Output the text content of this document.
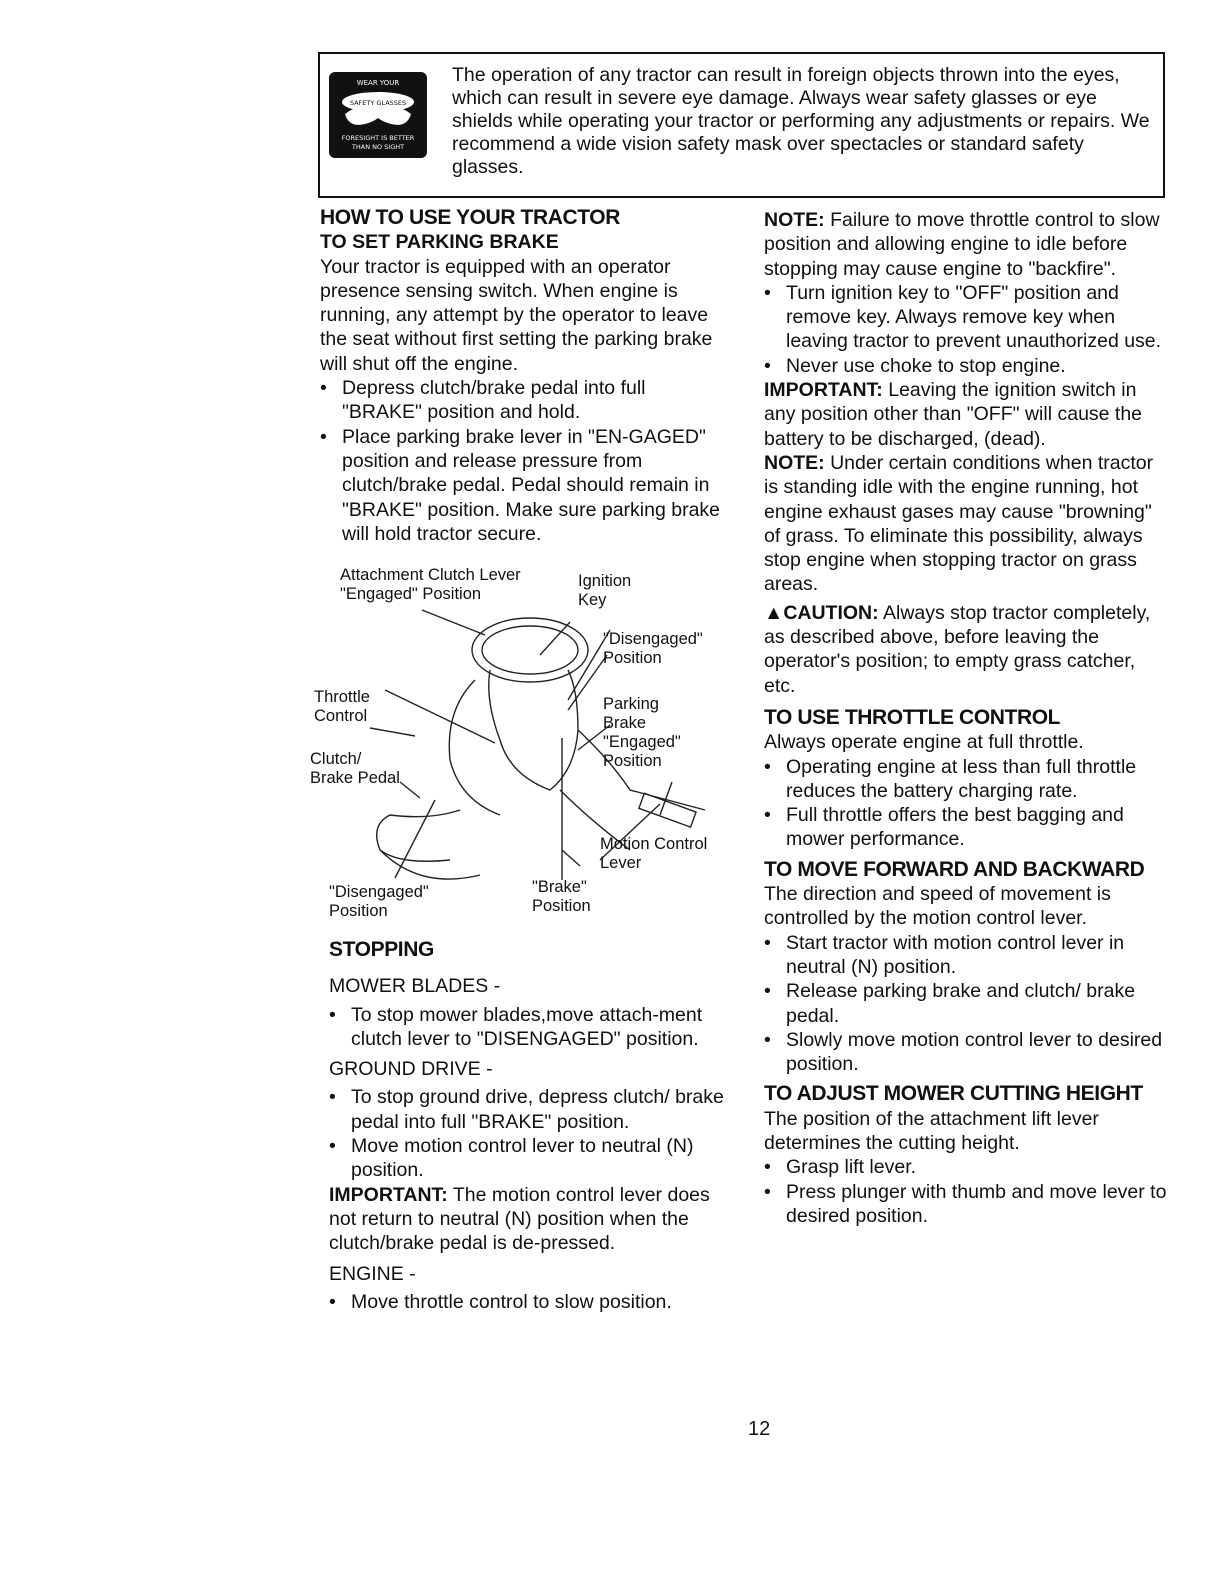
WEAR YOUR
SAFETY GLASSES
FORESIGHT IS BETTER
THAN NO SIGHT
The operation of any tractor can result in foreign objects thrown into the eyes, which can result in severe eye damage. Always wear safety glasses or eye shields while operating your tractor or performing any adjustments or repairs. We recommend a wide vision safety mask over spectacles or standard safety glasses.
HOW TO USE YOUR TRACTOR
TO SET PARKING BRAKE
Your tractor is equipped with an operator presence sensing switch. When engine is running, any attempt by the operator to leave the seat without first setting the parking brake will shut off the engine.
• Depress clutch/brake pedal into full "BRAKE" position and hold.
• Place parking brake lever in "EN-GAGED" position and release pressure from clutch/brake pedal. Pedal should remain in "BRAKE" position. Make sure parking brake will hold tractor secure.
Attachment Clutch Lever
"Engaged" Position
Ignition
Key
"Disengaged"
Position
Parking
Brake
"Engaged"
Position
Throttle
Control
Clutch/
Brake Pedal
Motion Control
Lever
"Brake"
Position
"Disengaged"
Position
STOPPING
MOWER BLADES -
• To stop mower blades,move attach-ment clutch lever to "DISENGAGED" position.
GROUND DRIVE -
• To stop ground drive, depress clutch/ brake pedal into full "BRAKE" position.
• Move motion control lever to neutral (N) position.
IMPORTANT: The motion control lever does not return to neutral (N) position when the clutch/brake pedal is de-pressed.
ENGINE -
• Move throttle control to slow position.
NOTE: Failure to move throttle control to slow position and allowing engine to idle before stopping may cause engine to "backfire".
• Turn ignition key to "OFF" position and remove key. Always remove key when leaving tractor to prevent unauthorized use.
• Never use choke to stop engine.
IMPORTANT: Leaving the ignition switch in any position other than "OFF" will cause the battery to be discharged, (dead).
NOTE: Under certain conditions when tractor is standing idle with the engine running, hot engine exhaust gases may cause "browning" of grass. To eliminate this possibility, always stop engine when stopping tractor on grass areas.
▲CAUTION: Always stop tractor completely, as described above, before leaving the operator's position; to empty grass catcher, etc.
TO USE THROTTLE CONTROL
Always operate engine at full throttle.
• Operating engine at less than full throttle reduces the battery charging rate.
• Full throttle offers the best bagging and mower performance.
TO MOVE FORWARD AND BACKWARD
The direction and speed of movement is controlled by the motion control lever.
• Start tractor with motion control lever in neutral (N) position.
• Release parking brake and clutch/ brake pedal.
• Slowly move motion control lever to desired position.
TO ADJUST MOWER CUTTING HEIGHT
The position of the attachment lift lever determines the cutting height.
• Grasp lift lever.
• Press plunger with thumb and move lever to desired position.
12
